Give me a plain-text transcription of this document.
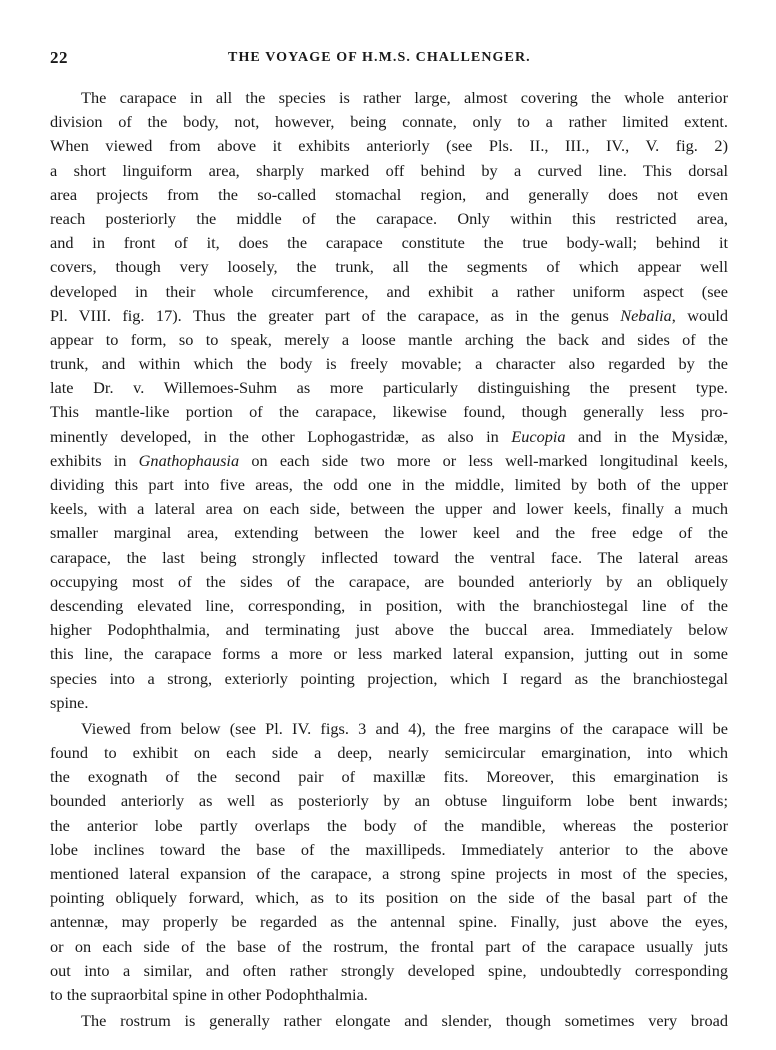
22	THE VOYAGE OF H.M.S. CHALLENGER.
The carapace in all the species is rather large, almost covering the whole anterior
division of the body, not, however, being connate, only to a rather limited extent.
When viewed from above it exhibits anteriorly (see Pls. II., III., IV., V. fig. 2)
a short linguiform area, sharply marked off behind by a curved line. This dorsal
area projects from the so-called stomachal region, and generally does not even
reach posteriorly the middle of the carapace. Only within this restricted area,
and in front of it, does the carapace constitute the true body-wall; behind it
covers, though very loosely, the trunk, all the segments of which appear well
developed in their whole circumference, and exhibit a rather uniform aspect (see
Pl. VIII. fig. 17). Thus the greater part of the carapace, as in the genus Nebalia, would
appear to form, so to speak, merely a loose mantle arching the back and sides of the
trunk, and within which the body is freely movable; a character also regarded by the
late Dr. v. Willemoes-Suhm as more particularly distinguishing the present type.
This mantle-like portion of the carapace, likewise found, though generally less pro-
minently developed, in the other Lophogastridæ, as also in Eucopia and in the Mysidæ,
exhibits in Gnathophausia on each side two more or less well-marked longitudinal keels,
dividing this part into five areas, the odd one in the middle, limited by both of the upper
keels, with a lateral area on each side, between the upper and lower keels, finally a much
smaller marginal area, extending between the lower keel and the free edge of the
carapace, the last being strongly inflected toward the ventral face. The lateral areas
occupying most of the sides of the carapace, are bounded anteriorly by an obliquely
descending elevated line, corresponding, in position, with the branchiostegal line of the
higher Podophthalmia, and terminating just above the buccal area. Immediately below
this line, the carapace forms a more or less marked lateral expansion, jutting out in some
species into a strong, exteriorly pointing projection, which I regard as the branchiostegal
spine.
Viewed from below (see Pl. IV. figs. 3 and 4), the free margins of the carapace will be
found to exhibit on each side a deep, nearly semicircular emargination, into which
the exognath of the second pair of maxillæ fits. Moreover, this emargination is
bounded anteriorly as well as posteriorly by an obtuse linguiform lobe bent inwards;
the anterior lobe partly overlaps the body of the mandible, whereas the posterior
lobe inclines toward the base of the maxillipeds. Immediately anterior to the above
mentioned lateral expansion of the carapace, a strong spine projects in most of the species,
pointing obliquely forward, which, as to its position on the side of the basal part of the
antennæ, may properly be regarded as the antennal spine. Finally, just above the eyes,
or on each side of the base of the rostrum, the frontal part of the carapace usually juts
out into a similar, and often rather strongly developed spine, undoubtedly corresponding
to the supraorbital spine in other Podophthalmia.
The rostrum is generally rather elongate and slender, though sometimes very broad
